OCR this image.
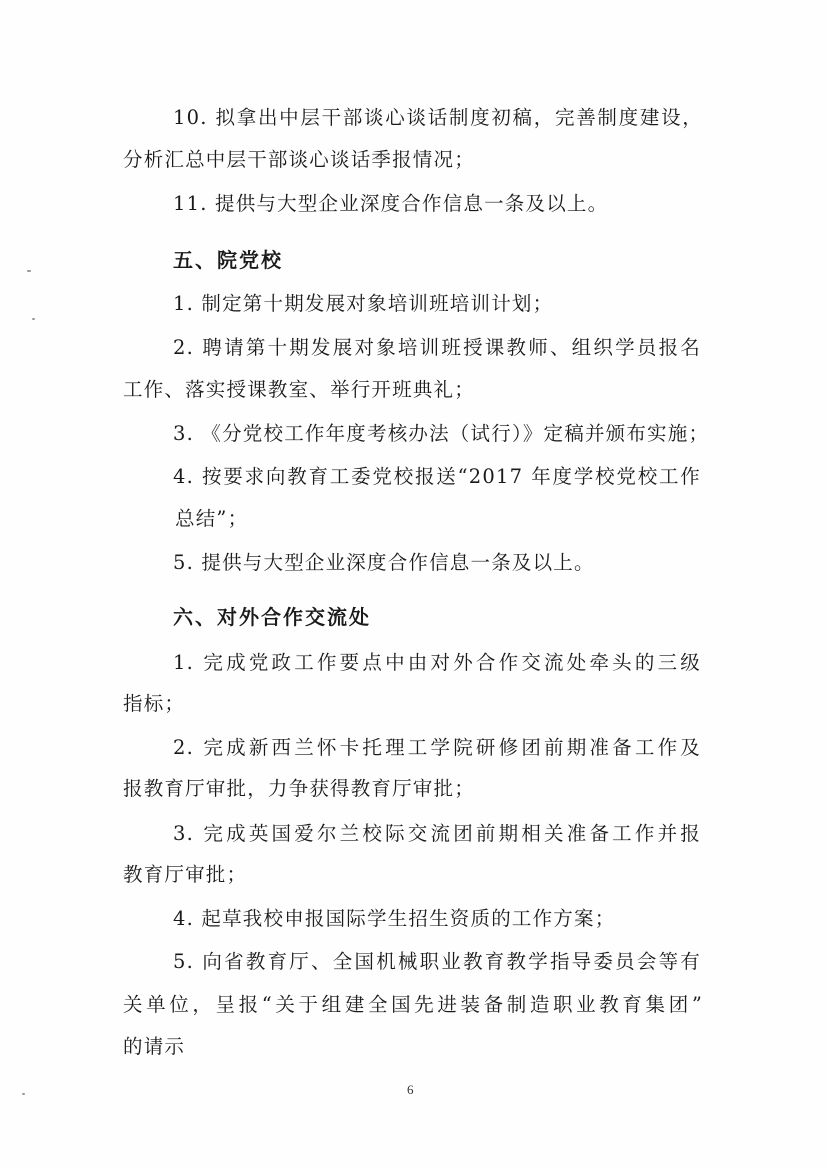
10. 拟拿出中层干部谈心谈话制度初稿，完善制度建设，
分析汇总中层干部谈心谈话季报情况；
11. 提供与大型企业深度合作信息一条及以上。
五、院党校
1. 制定第十期发展对象培训班培训计划；
2. 聘请第十期发展对象培训班授课教师、组织学员报名
工作、落实授课教室、举行开班典礼；
3. 《分党校工作年度考核办法（试行）》定稿并颁布实施；
4. 按要求向教育工委党校报送“2017 年度学校党校工作
总结”；
5. 提供与大型企业深度合作信息一条及以上。
六、对外合作交流处
1. 完成党政工作要点中由对外合作交流处牵头的三级
指标；
2. 完成新西兰怀卡托理工学院研修团前期准备工作及
报教育厅审批，力争获得教育厅审批；
3. 完成英国爱尔兰校际交流团前期相关准备工作并报
教育厅审批；
4. 起草我校申报国际学生招生资质的工作方案；
5. 向省教育厅、全国机械职业教育教学指导委员会等有
关单位，呈报“关于组建全国先进装备制造职业教育集团”
的请示
6
